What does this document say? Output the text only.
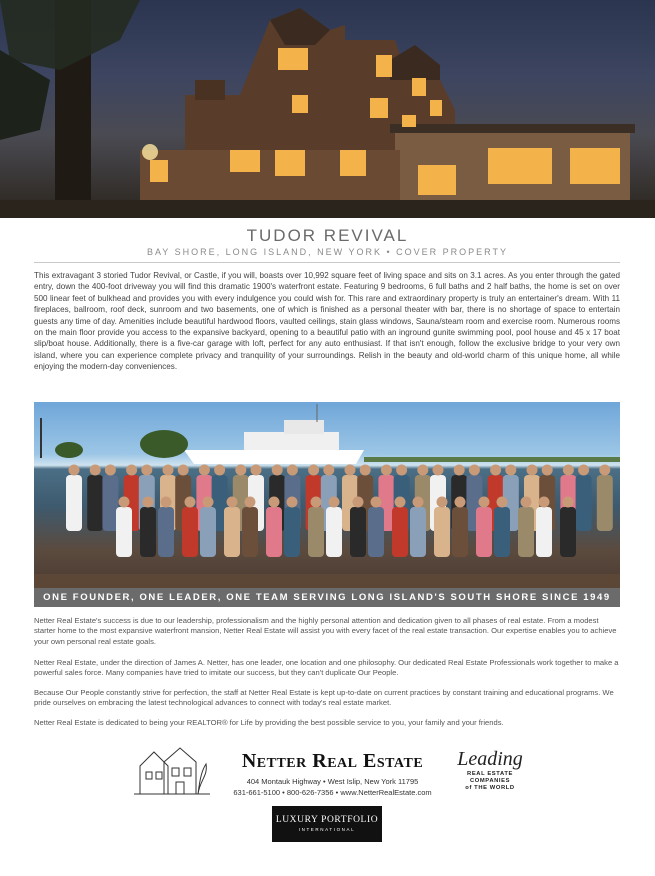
TUDOR REVIVAL
BAY SHORE, LONG ISLAND, NEW YORK • COVER PROPERTY
This extravagant 3 storied Tudor Revival, or Castle, if you will, boasts over 10,992 square feet of living space and sits on 3.1 acres. As you enter through the gated entry, down the 400-foot driveway you will find this dramatic 1900's waterfront estate. Featuring 9 bedrooms, 6 full baths and 2 half baths, the home is set on over 500 linear feet of bulkhead and provides you with every indulgence you could wish for. This rare and extraordinary property is truly an entertainer's dream. With 11 fireplaces, ballroom, roof deck, sunroom and two basements, one of which is finished as a personal theater with bar, there is no shortage of space to entertain guests any time of day. Amenities include beautiful hardwood floors, vaulted ceilings, stain glass windows, Sauna/steam room and exercise room. Numerous rooms on the main floor provide you access to the expansive backyard, opening to a beautiful patio with an inground gunite swimming pool, pool house and 45 x 17 boat slip/boat house. Additionally, there is a five-car garage with loft, perfect for any auto enthusiast. If that isn't enough, follow the exclusive bridge to your very own island, where you can experience complete privacy and tranquility of your surroundings. Relish in the beauty and old-world charm of this unique home, all while enjoying the modern-day conveniences.
ONE FOUNDER, ONE LEADER, ONE TEAM SERVING LONG ISLAND'S SOUTH SHORE SINCE 1949
Netter Real Estate's success is due to our leadership, professionalism and the highly personal attention and dedication given to all phases of real estate. From a modest starter home to the most expansive waterfront mansion, Netter Real Estate will assist you with every facet of the real estate transaction. Our expertise enables you to achieve your own personal real estate goals.
Netter Real Estate, under the direction of James A. Netter, has one leader, one location and one philosophy. Our dedicated Real Estate Professionals work together to make a powerful sales force. Many companies have tried to imitate our success, but they can't duplicate Our People.
Because Our People constantly strive for perfection, the staff at Netter Real Estate is kept up-to-date on current practices by constant training and educational programs. We pride ourselves on embracing the latest technological advances to connect with today's real estate market.
Netter Real Estate is dedicated to being your REALTOR® for Life by providing the best possible service to you, your family and your friends.
Netter Real Estate
404 Montauk Highway • West Islip, New York 11795
631-661-5100 • 800-626-7356 • www.NetterRealEstate.com
Leading
REAL ESTATE
COMPANIES
of THE WORLD
LUXURY PORTFOLIO
INTERNATIONAL
